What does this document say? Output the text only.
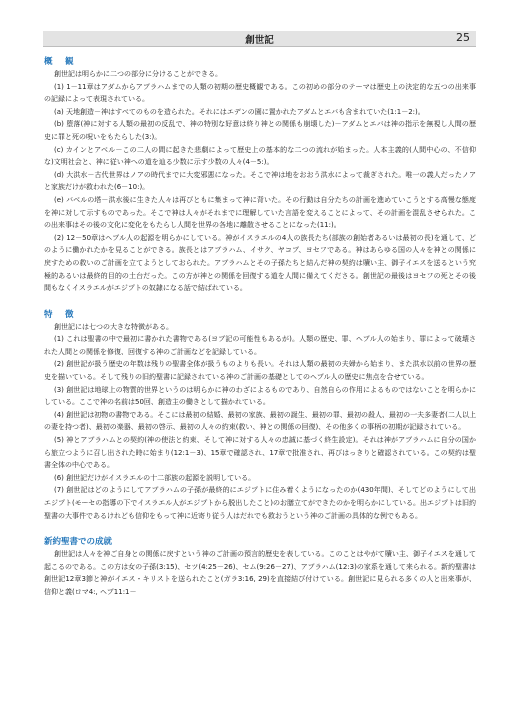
創世記	25
概　観

創世記は明らかに二つの部分に分けることができる。

(1) 1－11章はアダムからアブラハムまでの人類の初期の歴史概観である。この初めの部分のテーマは歴史上の決定的な五つの出来事の記録によって表現されている。

(a) 天地創造－神はすべてのものを造られた。それにはエデンの園に置かれたアダムとエバも含まれていた(1:1－2:)。

(b) 堕落(神に対する人類の最初の反乱で、神の特別な好意は終り神との関係も崩壊した)－アダムとエバは神の指示を無視し人間の歴史に罪と死の呪いをもたらした(3:)。

(c) カインとアベル－この二人の間に起きた悲劇によって歴史上の基本的な二つの流れが始まった。人本主義的(人間中心の、不信仰な)文明社会と、神に従い神への道を辿る少数に示す少数の人々(4－5:)。

(d) 大洪水－古代世界はノアの時代までに大変邪悪になった。そこで神は地をおおう洪水によって裁ぎされた。唯一の義人だったノアと家族だけが救われた(6－10:)。

(e) バベルの塔－洪水後に生きた人々は再びともに集まって神に背いた。その行動は自分たちの計画を進めていこうとする高慢な態度を神に対して示すものであった。そこで神は人々がそれまでに理解していた言語を変えることによって、その計画を混乱させられた。この出来事はその後の文化に変化をもたらし人間を世界の各地に離散させることになった(11:)。

(2) 12－50章はヘブル人の起源を明らかにしている。神がイスラエルの4人の族長たち(部族の創始者あるいは最初の長)を通して、どのように働かれたかを見ることができる。族長とはアブラハム、イサク、ヤコブ、ヨセフである。神はあらゆる国の人々を神との関係に戻すための救いのご計画を立てようとしておられた。アブラハムとその子孫たちと結んだ神の契約は贖い主、御子イエスを送るという究極的あるいは最終的目的の土台だった。この方が神との関係を回復する道を人間に備えてくださる。創世記の最後はヨセフの死とその後間もなくイスラエルがエジプトの奴隷になる話で結ばれている。

特　徴

創世記には七つの大きな特徴がある。

(1) これは聖書の中で最初に書かれた書物である(ヨブ記の可能性もあるが)。人類の歴史、罪、ヘブル人の始まり、罪によって破壊された人間との関係を修復、回復する神のご計画などを記録している。

(2) 創世記が扱う歴史の年数は残りの聖書全体が扱うものよりも長い。それは人類の最初の夫婦から始まり、また洪水以前の世界の歴史を描いている。そして残りの旧約聖書に記録されている神のご計画の基礎としてのヘブル人の歴史に焦点を合せている。

(3) 創世記は地球上の物質的世界というのは明らかに神のわざによるものであり、自然自らの作用によるものではないことを明らかにしている。ここで神の名前は50回、創造主の働きとして描かれている。

(4) 創世記は初物の書物である。そこには最初の結婚、最初の家族、最初の誕生、最初の罪、最初の殺人、最初の一夫多妻者(二人以上の妻を持つ者)、最初の楽器、最初の啓示、最初の人々の約束(救い、神との関係の回復)、その他多くの事柄の初期が記録されている。

(5) 神とアブラハムとの契約(神の使法と約束、そして神に対する人々の忠誠に基づく終生設定)。それは神がアブラハムに自分の国から旅立つように召し出された時に始まり(12:1－3)、15章で確認され、17章で批准され、再びはっきりと確認されている。この契約は聖書全体の中心である。

(6) 創世記だけがイスラエルの十二部族の起源を説明している。

(7) 創世記はどのようにしてアブラハムの子孫が最終的にエジプトに住み着くようになったのか(430年間)、そしてどのようにして出エジプト(モーセの指導の下でイスラエル人がエジプトから脱出したこと)のお膳立てができたのかを明らかにしている。出エジプトは旧約聖書の大事件であるけれども信仰をもって神に近寄り従う人はだれでも救おうという神のご計画の具体的な例でもある。

新約聖書での成就

創世記は人々を神ご自身との関係に戻すという神のご計画の預言的歴史を表している。このことはやがて贖い主、御子イエスを通して起こるのである。この方は女の子孫(3:15)、セツ(4:25－26)、セム(9:26－27)、アブラハム(12:3)の家系を通して来られる。新約聖書は創世記12章3節と神がイエス・キリストを送られたこと(ガラ3:16, 29)を直接結び付けている。創世記に見られる多くの人と出来事が、信仰と義(ロマ4:, ヘブ11:1－
